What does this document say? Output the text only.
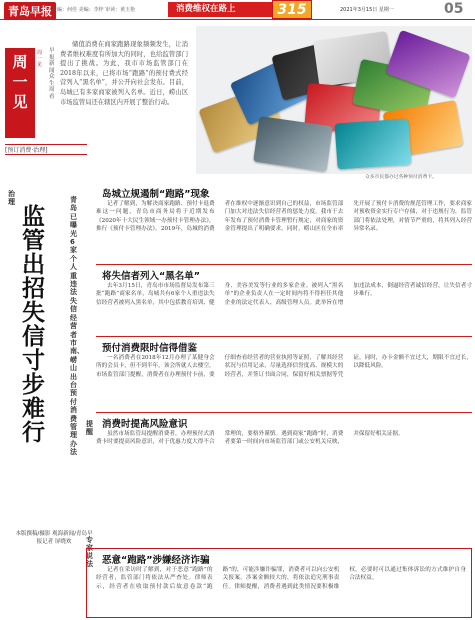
青岛早报 责编：何佳 美编：李梓 审读：黄玉艳	消费维权在路上	315	2021年3月15日 星期一	05
周
一
见
周一见
早报新闻众生周看
[预订消费·治理]
储值消费在商家跑路现象频频发生，让消费者维权难度有所加大的同时，也给监管部门提出了挑战。为此，我市市场监管部门在2018年以来，已将市场“跑路”的预付费式经营列入“黑名单”，并公开向社会发布。目前，岛城已有多家商家被列入名单。近日，崂山区市场监管局还在辖区内开展了整治行动。
众多市民都办过各种预付消费卡。
治理
监管出招 失信寸步难行
青岛已曝光6家个人重违法失信经营者 市南、崂山出台预付消费管理办法
岛城立规遏制“跑路”现象
记者了解到，为解决商家跑路、预付卡退费难这一问题，青岛市商务局将于近期发布《2020年十大民生领域一办预付卡管理办法》，推行《预付卡管理办法》。2019年，岛城的消费者在维权中逐渐意识到自己的权益，市场监管部门加大对违法失信经营者的惩处力度。我市于去年发布了预付消费卡管理暂行规定，对商家的资金管理提出了明确要求。同时，崂山区在全市率先开展了预付卡消费的规范管理工作，要求商家对预收资金实行专户存储，对于违规行为，监管部门将依法处理，对情节严重的，将其列入经营异常名录。
将失信者列入“黑名单”
去年3月15日，青岛市市场监督局发布第三批“跑路”商家名单，岛城共有6家个人重违法失信经营者被列入黑名单，其中包括教育培训、健身、美容美发等行业的多家企业。被列入“黑名单”的企业负责人在一定时间内将不得担任其他企业的法定代表人、高级管理人员。此举旨在增加违法成本，倒逼经营者诚信经营，让失信者寸步难行。
预付消费限时信得借鉴
一名消费者在2018年12月办理了某健身会所的会员卡，但不到半年，该会所就人去楼空。市场监管部门提醒，消费者在办理预付卡前，要仔细查看经营者的营业执照等证照，了解其经营状况与信用记录，尽量选择信誉度高、规模大的经营者，并签订书面合同，保留好相关票据等凭证。同时，办卡金额不宜过大，期限不宜过长，以降低风险。
提醒
消费时提高风险意识
虽然市场监管局提醒消费者，办理预付式消费卡时要提高风险意识，对于优惠力度大得不合常理的，要格外谨慎。遇到商家“跑路”时，消费者要第一时间向市场监管部门或公安机关反映，并保留好相关证据。
专家说法 恶意“跑路”涉嫌经济诈骗
记者在采访时了解到，对于恶意“跑路”的经营者，监管部门将依法从严查处。律师表示，经营者在收取预付款后故意卷款“跑路”的，可能涉嫌诈骗罪，消费者可以向公安机关报案。涉案金额较大的，将依法追究刑事责任。律师提醒，消费者遇到此类情况要积极维权，必要时可以通过集体诉讼的方式维护自身合法权益。
本版撰稿/摄影 观海新闻/青岛早报记者 屏晓欢
